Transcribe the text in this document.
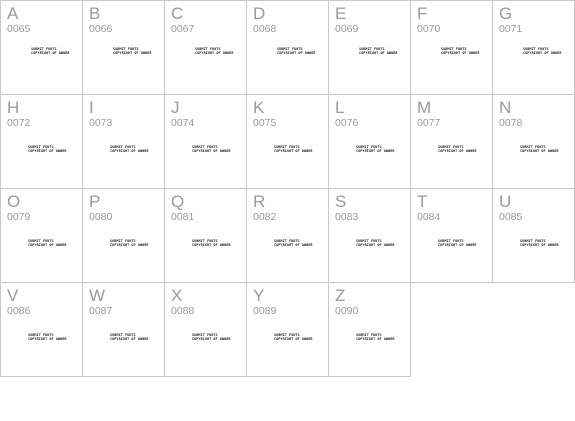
A
0065
SUBMIT FONTS
COPYRIGHT OF OWNER
B
0066
SUBMIT FONTS
COPYRIGHT OF OWNER
C
0067
SUBMIT FONTS
COPYRIGHT OF OWNER
D
0068
SUBMIT FONTS
COPYRIGHT OF OWNER
E
0069
SUBMIT FONTS
COPYRIGHT OF OWNER
F
0070
SUBMIT FONTS
COPYRIGHT OF OWNER
G
0071
SUBMIT FONTS
COPYRIGHT OF OWNER
H
0072
SUBMIT FONTS
COPYRIGHT OF OWNER
I
0073
SUBMIT FONTS
COPYRIGHT OF OWNER
J
0074
SUBMIT FONTS
COPYRIGHT OF OWNER
K
0075
SUBMIT FONTS
COPYRIGHT OF OWNER
L
0076
SUBMIT FONTS
COPYRIGHT OF OWNER
M
0077
SUBMIT FONTS
COPYRIGHT OF OWNER
N
0078
SUBMIT FONTS
COPYRIGHT OF OWNER
O
0079
SUBMIT FONTS
COPYRIGHT OF OWNER
P
0080
SUBMIT FONTS
COPYRIGHT OF OWNER
Q
0081
SUBMIT FONTS
COPYRIGHT OF OWNER
R
0082
SUBMIT FONTS
COPYRIGHT OF OWNER
S
0083
SUBMIT FONTS
COPYRIGHT OF OWNER
T
0084
SUBMIT FONTS
COPYRIGHT OF OWNER
U
0085
SUBMIT FONTS
COPYRIGHT OF OWNER
V
0086
SUBMIT FONTS
COPYRIGHT OF OWNER
W
0087
SUBMIT FONTS
COPYRIGHT OF OWNER
X
0088
SUBMIT FONTS
COPYRIGHT OF OWNER
Y
0089
SUBMIT FONTS
COPYRIGHT OF OWNER
Z
0090
SUBMIT FONTS
COPYRIGHT OF OWNER
